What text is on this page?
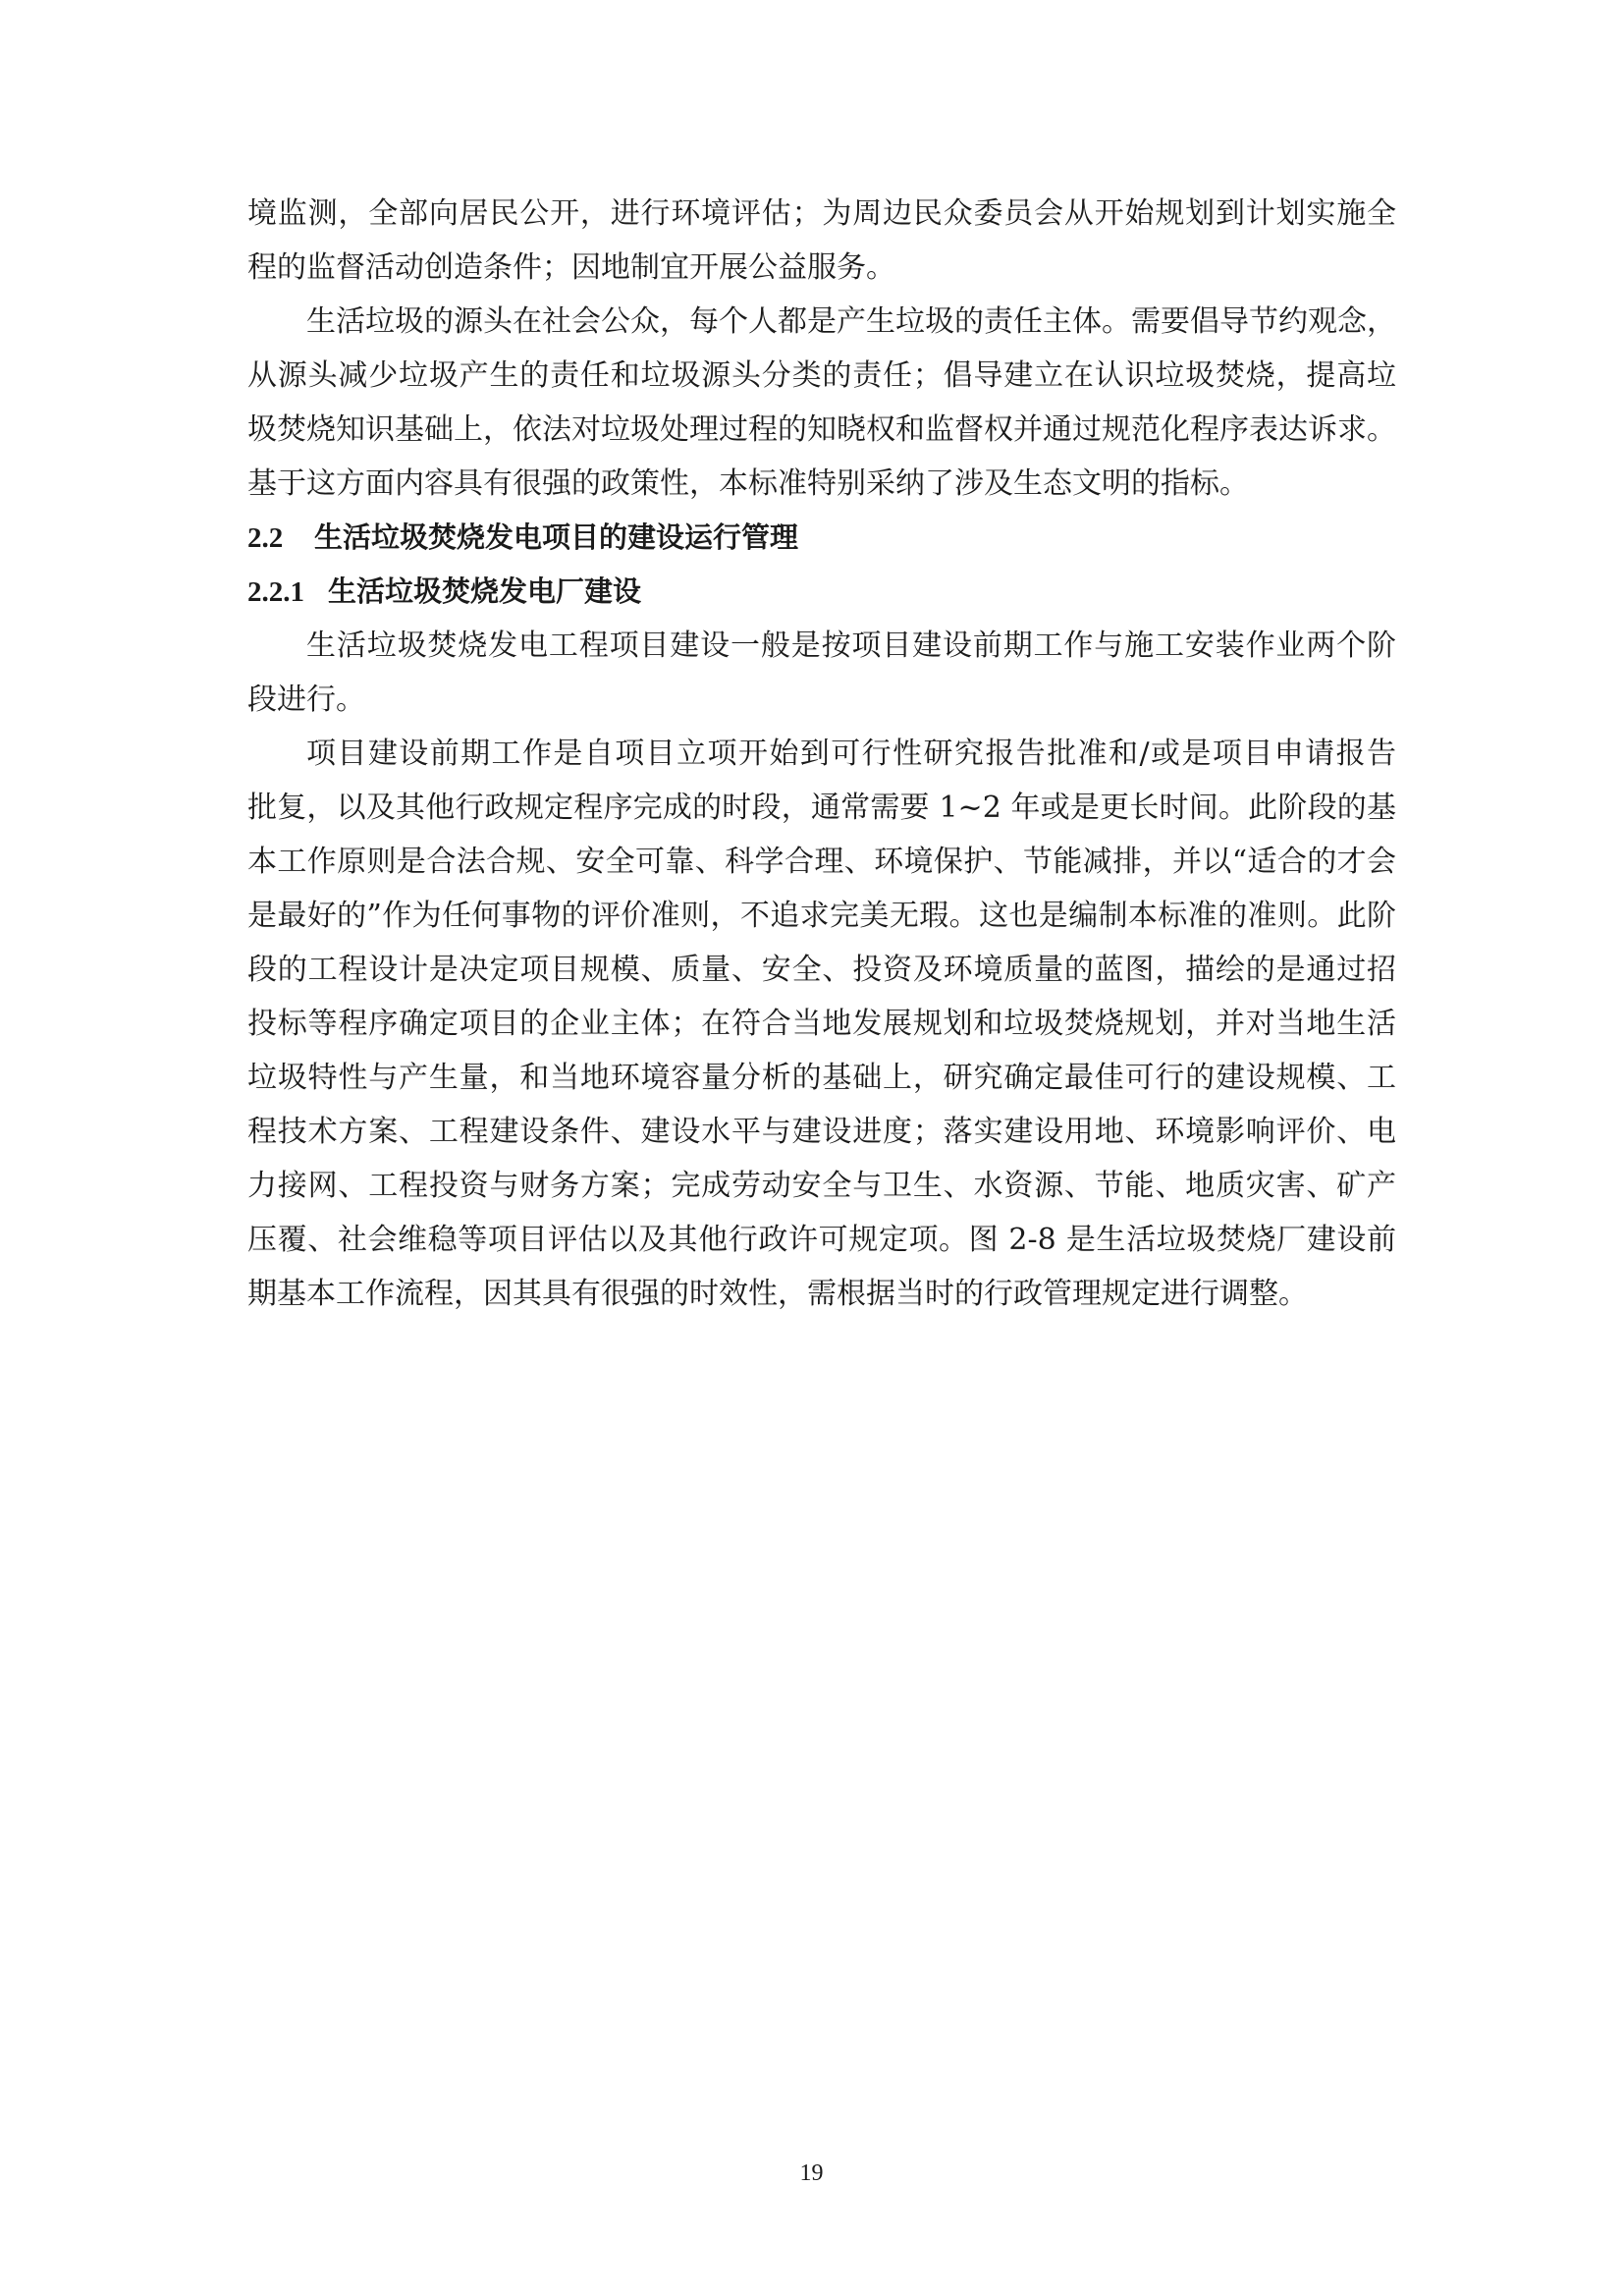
境监测，全部向居民公开，进行环境评估；为周边民众委员会从开始规划到计划实施全
程的监督活动创造条件；因地制宜开展公益服务。
生活垃圾的源头在社会公众，每个人都是产生垃圾的责任主体。需要倡导节约观念，
从源头减少垃圾产生的责任和垃圾源头分类的责任；倡导建立在认识垃圾焚烧，提高垃
圾焚烧知识基础上，依法对垃圾处理过程的知晓权和监督权并通过规范化程序表达诉求。
基于这方面内容具有很强的政策性，本标准特别采纳了涉及生态文明的指标。
2.2 生活垃圾焚烧发电项目的建设运行管理
2.2.1 生活垃圾焚烧发电厂建设
生活垃圾焚烧发电工程项目建设一般是按项目建设前期工作与施工安装作业两个阶
段进行。
项目建设前期工作是自项目立项开始到可行性研究报告批准和/或是项目申请报告
批复，以及其他行政规定程序完成的时段，通常需要 1~2 年或是更长时间。此阶段的基
本工作原则是合法合规、安全可靠、科学合理、环境保护、节能减排，并以“适合的才会
是最好的”作为任何事物的评价准则，不追求完美无瑕。这也是编制本标准的准则。此阶
段的工程设计是决定项目规模、质量、安全、投资及环境质量的蓝图，描绘的是通过招
投标等程序确定项目的企业主体；在符合当地发展规划和垃圾焚烧规划，并对当地生活
垃圾特性与产生量，和当地环境容量分析的基础上，研究确定最佳可行的建设规模、工
程技术方案、工程建设条件、建设水平与建设进度；落实建设用地、环境影响评价、电
力接网、工程投资与财务方案；完成劳动安全与卫生、水资源、节能、地质灾害、矿产
压覆、社会维稳等项目评估以及其他行政许可规定项。图 2-8 是生活垃圾焚烧厂建设前
期基本工作流程，因其具有很强的时效性，需根据当时的行政管理规定进行调整。
19
